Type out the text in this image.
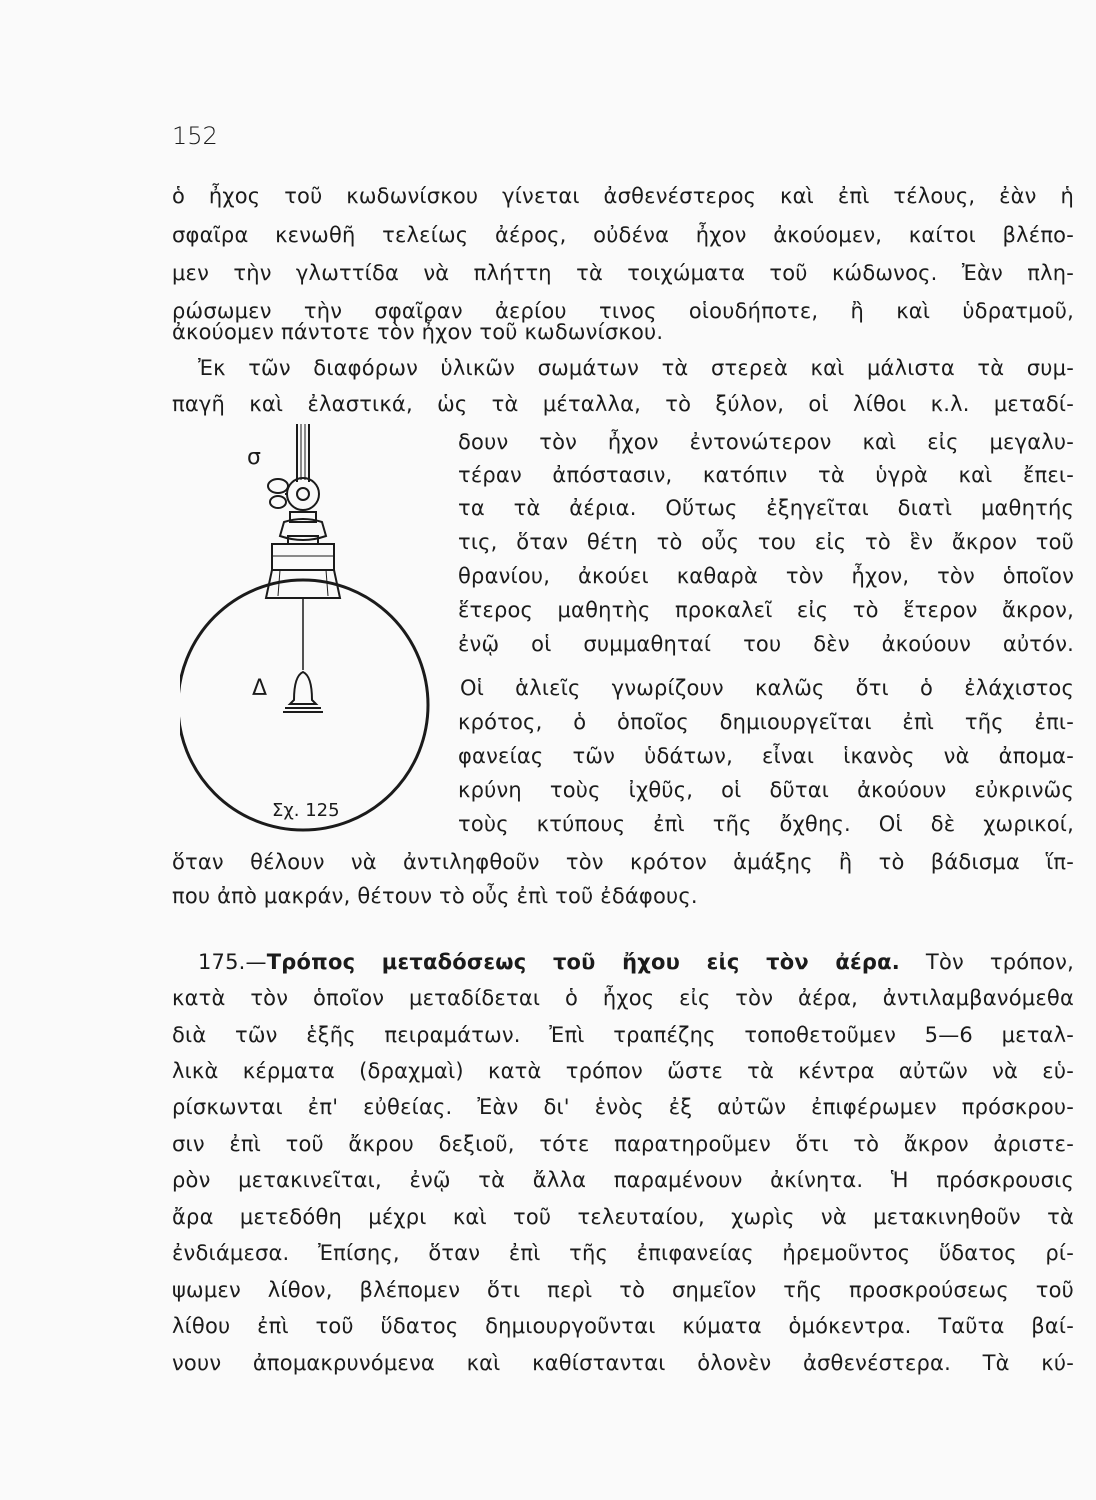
152
ὁ ἦχος τοῦ κωδωνίσκου γίνεται ἀσθενέστερος καὶ ἐπὶ τέλους, ἐὰν ἡ
σφαῖρα κενωθῆ τελείως ἀέρος, οὐδένα ἦχον ἀκούομεν, καίτοι βλέπο-
μεν τὴν γλωττίδα νὰ πλήττη τὰ τοιχώματα τοῦ κώδωνος. Ἐὰν πλη-
ρώσωμεν τὴν σφαῖραν ἀερίου τινος οἱουδήποτε, ἢ καὶ ὑδρατμοῦ,
ἀκούομεν πάντοτε τὸν ἦχον τοῦ κωδωνίσκου.
Ἐκ τῶν διαφόρων ὑλικῶν σωμάτων τὰ στερεὰ καὶ μάλιστα τὰ συμ-
παγῆ καὶ ἐλαστικά, ὡς τὰ μέταλλα, τὸ ξύλον, οἱ λίθοι κ.λ. μεταδί-
δουν τὸν ἦχον ἐντονώτερον καὶ εἰς μεγαλυ-
τέραν ἀπόστασιν, κατόπιν τὰ ὑγρὰ καὶ ἔπει-
τα τὰ ἀέρια. Οὕτως ἐξηγεῖται διατὶ μαθητής
τις, ὅταν θέτη τὸ οὖς του εἰς τὸ ἓν ἄκρον τοῦ
θρανίου, ἀκούει καθαρὰ τὸν ἦχον, τὸν ὁποῖον
ἕτερος μαθητὴς προκαλεῖ εἰς τὸ ἕτερον ἄκρον,
ἐνῷ οἱ συμμαθηταί του δὲν ἀκούουν αὐτόν.
Οἱ ἁλιεῖς γνωρίζουν καλῶς ὅτι ὁ ἐλάχιστος
κρότος, ὁ ὁποῖος δημιουργεῖται ἐπὶ τῆς ἐπι-
φανείας τῶν ὑδάτων, εἶναι ἱκανὸς νὰ ἀπομα-
κρύνη τοὺς ἰχθῦς, οἱ δῦται ἀκούουν εὐκρινῶς
τοὺς κτύπους ἐπὶ τῆς ὄχθης. Οἱ δὲ χωρικοί,
ὅταν θέλουν νὰ ἀντιληφθοῦν τὸν κρότον ἁμάξης ἢ τὸ βάδισμα ἵπ-
που ἀπὸ μακράν, θέτουν τὸ οὖς ἐπὶ τοῦ ἐδάφους.
σ
Δ
Σχ. 125
175.—Τρόπος μεταδόσεως τοῦ ἤχου εἰς τὸν ἀέρα. Τὸν τρόπον,
κατὰ τὸν ὁποῖον μεταδίδεται ὁ ἦχος εἰς τὸν ἀέρα, ἀντιλαμβανόμεθα
διὰ τῶν ἑξῆς πειραμάτων. Ἐπὶ τραπέζης τοποθετοῦμεν 5—6 μεταλ-
λικὰ κέρματα (δραχμαὶ) κατὰ τρόπον ὥστε τὰ κέντρα αὐτῶν νὰ εὑ-
ρίσκωνται ἐπ' εὐθείας. Ἐὰν δι' ἑνὸς ἐξ αὐτῶν ἐπιφέρωμεν πρόσκρου-
σιν ἐπὶ τοῦ ἄκρου δεξιοῦ, τότε παρατηροῦμεν ὅτι τὸ ἄκρον ἀριστε-
ρὸν μετακινεῖται, ἐνῷ τὰ ἄλλα παραμένουν ἀκίνητα. Ἡ πρόσκρουσις
ἄρα μετεδόθη μέχρι καὶ τοῦ τελευταίου, χωρὶς νὰ μετακινηθοῦν τὰ
ἐνδιάμεσα. Ἐπίσης, ὅταν ἐπὶ τῆς ἐπιφανείας ἠρεμοῦντος ὕδατος ρί-
ψωμεν λίθον, βλέπομεν ὅτι περὶ τὸ σημεῖον τῆς προσκρούσεως τοῦ
λίθου ἐπὶ τοῦ ὕδατος δημιουργοῦνται κύματα ὁμόκεντρα. Ταῦτα βαί-
νουν ἀπομακρυνόμενα καὶ καθίστανται ὁλονὲν ἀσθενέστερα. Τὰ κύ-
